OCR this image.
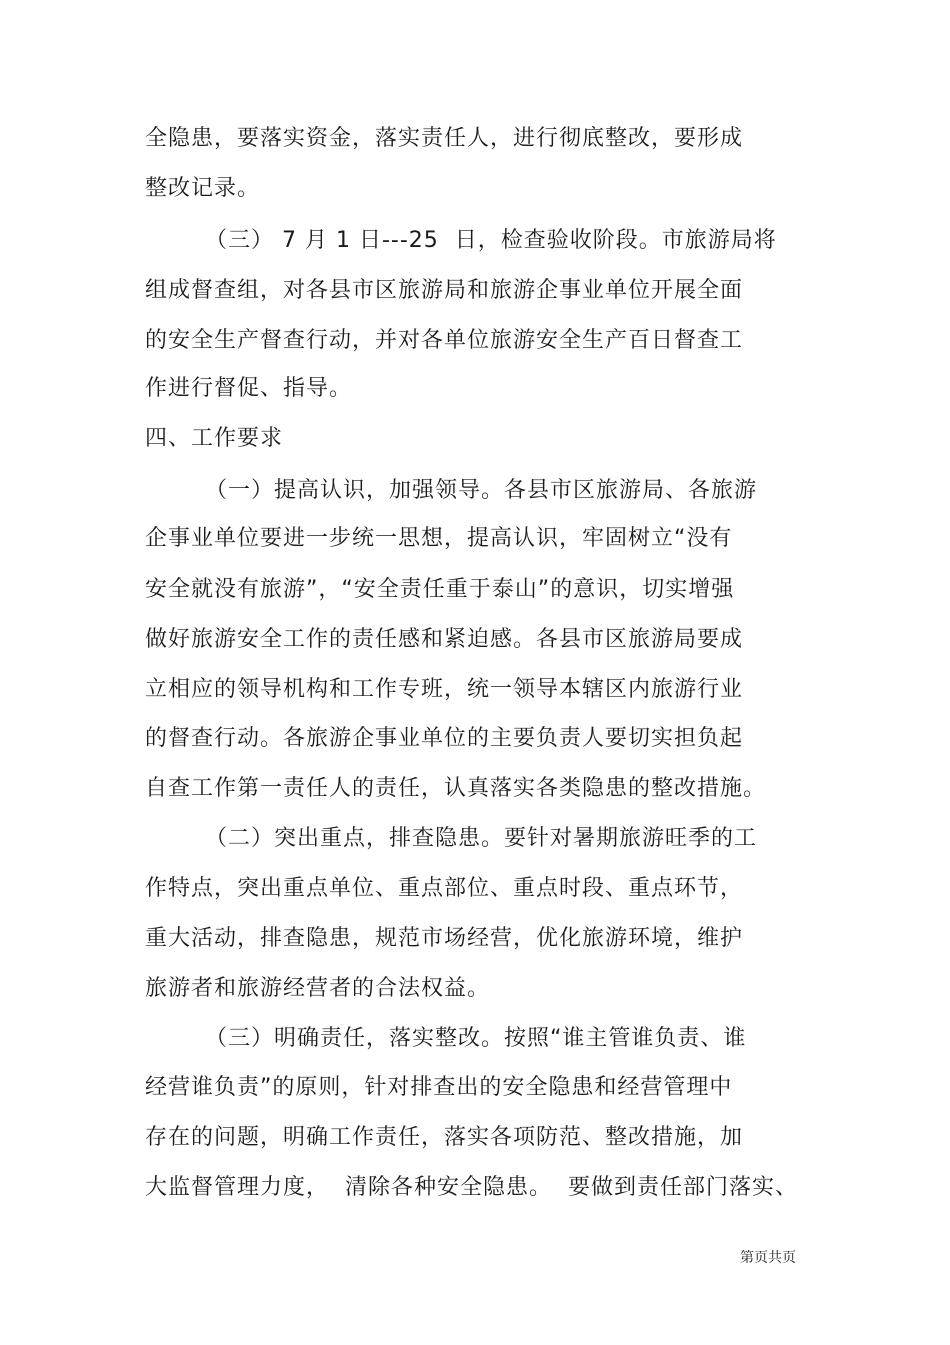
全隐患，要落实资金，落实责任人，进行彻底整改，要形成
整改记录。
（三） 7 月 1 日---25  日，检查验收阶段。市旅游局将
组成督查组，对各县市区旅游局和旅游企事业单位开展全面
的安全生产督查行动，并对各单位旅游安全生产百日督查工
作进行督促、指导。
四、工作要求
（一）提高认识，加强领导。各县市区旅游局、各旅游
企事业单位要进一步统一思想，提高认识，牢固树立“没有
安全就没有旅游”，“安全责任重于泰山”的意识，切实增强
做好旅游安全工作的责任感和紧迫感。各县市区旅游局要成
立相应的领导机构和工作专班，统一领导本辖区内旅游行业
的督查行动。各旅游企事业单位的主要负责人要切实担负起
自查工作第一责任人的责任，认真落实各类隐患的整改措施。
（二）突出重点，排查隐患。要针对暑期旅游旺季的工
作特点，突出重点单位、重点部位、重点时段、重点环节，
重大活动，排查隐患，规范市场经营，优化旅游环境，维护
旅游者和旅游经营者的合法权益。
（三）明确责任，落实整改。按照“谁主管谁负责、谁
经营谁负责”的原则，针对排查出的安全隐患和经营管理中
存在的问题，明确工作责任，落实各项防范、整改措施，加
大监督管理力度，  清除各种安全隐患。  要做到责任部门落实、
第页共页
